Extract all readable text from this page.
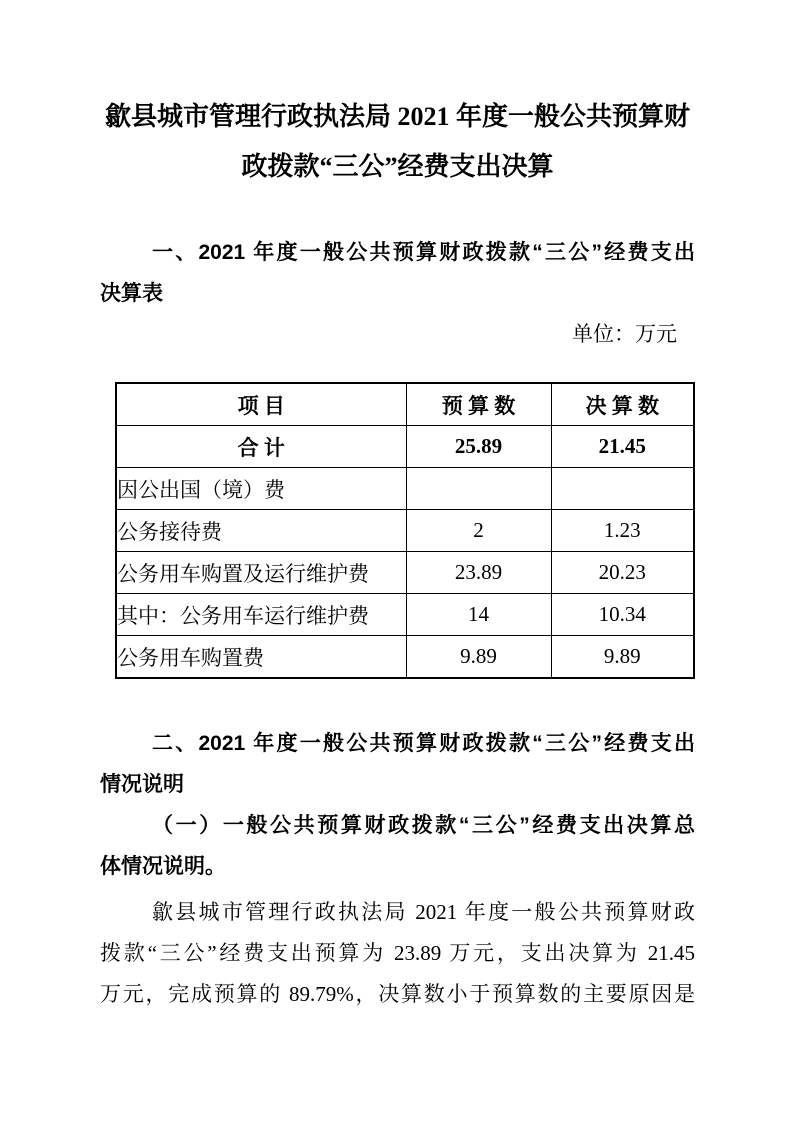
歙县城市管理行政执法局 2021 年度一般公共预算财
政拨款“三公”经费支出决算
一、2021 年度一般公共预算财政拨款“三公”经费支出
决算表
单位：万元
项 目	预 算 数	决 算 数
合 计	25.89	21.45
因公出国（境）费		
公务接待费	2	1.23
公务用车购置及运行维护费	23.89	20.23
其中：公务用车运行维护费	14	10.34
公务用车购置费	9.89	9.89
二、2021 年度一般公共预算财政拨款“三公”经费支出
情况说明
（一）一般公共预算财政拨款“三公”经费支出决算总
体情况说明。
歙县城市管理行政执法局 2021 年度一般公共预算财政
拨款“三公”经费支出预算为 23.89 万元，支出决算为 21.45
万元，完成预算的 89.79%，决算数小于预算数的主要原因是
